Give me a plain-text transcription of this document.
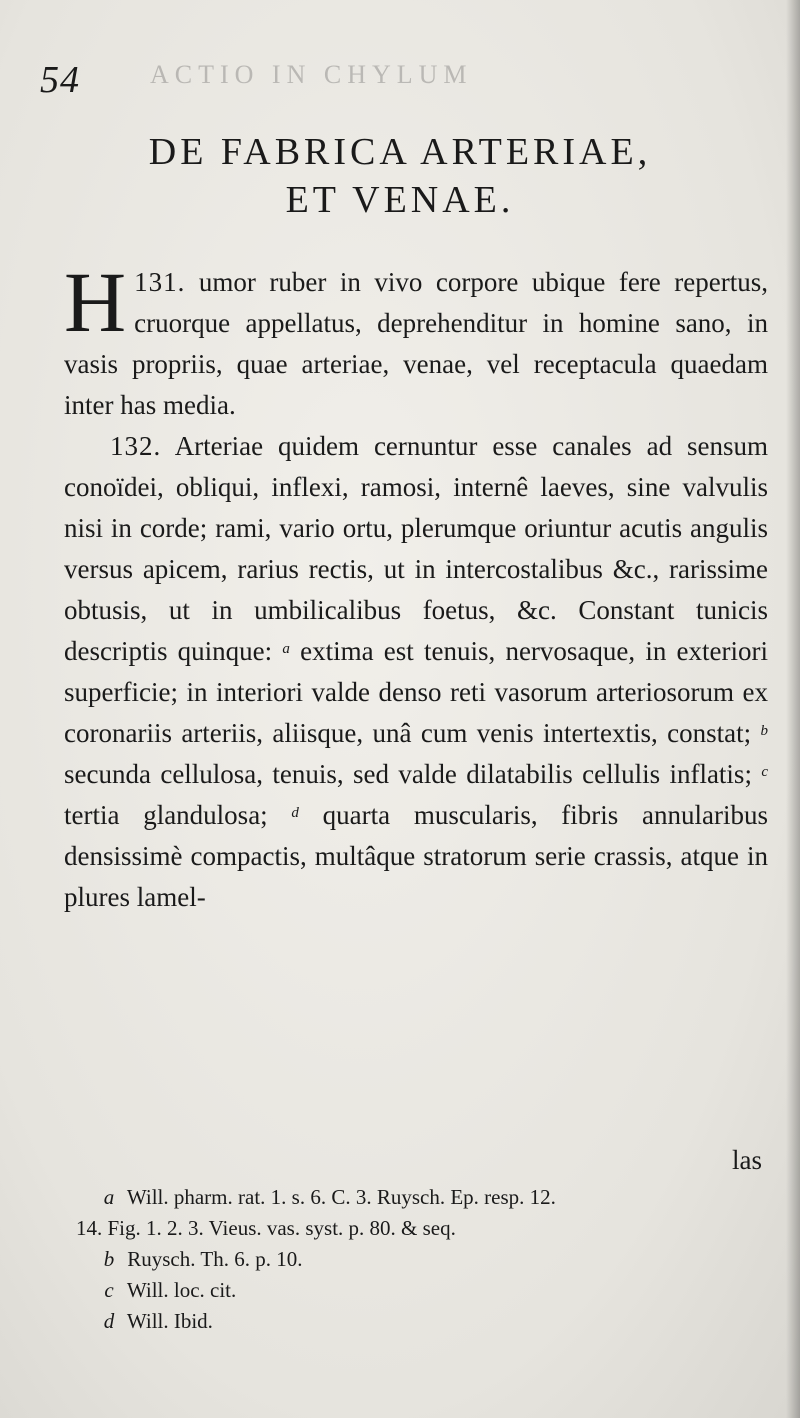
54	ACTIO IN CHYLUM
DE FABRICA ARTERIAE,
ET VENAE.

131.
H	umor ruber in vivo corpore ubique fere repertus, cruorque appellatus, deprehenditur in homine sano, in vasis propriis, quae arteriae, venae, vel receptacula quaedam inter has media.

132. Arteriae quidem cernuntur esse canales ad sensum conoïdei, obliqui, inflexi, ramosi, internê laeves, sine valvulis nisi in corde; rami, vario ortu, plerumque oriuntur acutis angulis versus apicem, rarius rectis, ut in intercostalibus &c., rarissime obtusis, ut in umbilicalibus foetus, &c. Constant tunicis descriptis quinque: $^a$ extima est tenuis, nervosaque, in exteriori superficie; in interiori valde denso reti vasorum arteriosorum ex coronariis arteriis, aliisque, unâ cum venis intertextis, constat; $^b$ secunda cellulosa, tenuis, sed valde dilatabilis cellulis inflatis; $^c$ tertia glandulosa; $^d$ quarta muscularis, fibris annularibus densissimè compactis, multâque stratorum serie crassis, atque in plures lamel-

las
a Will. pharm. rat. 1. s. 6. C. 3. Ruysch. Ep. resp. 12.
14. Fig. 1. 2. 3. Vieus. vas. syst. p. 80. & seq.
b Ruysch. Th. 6. p. 10.
c Will. loc. cit.
d Will. Ibid.
